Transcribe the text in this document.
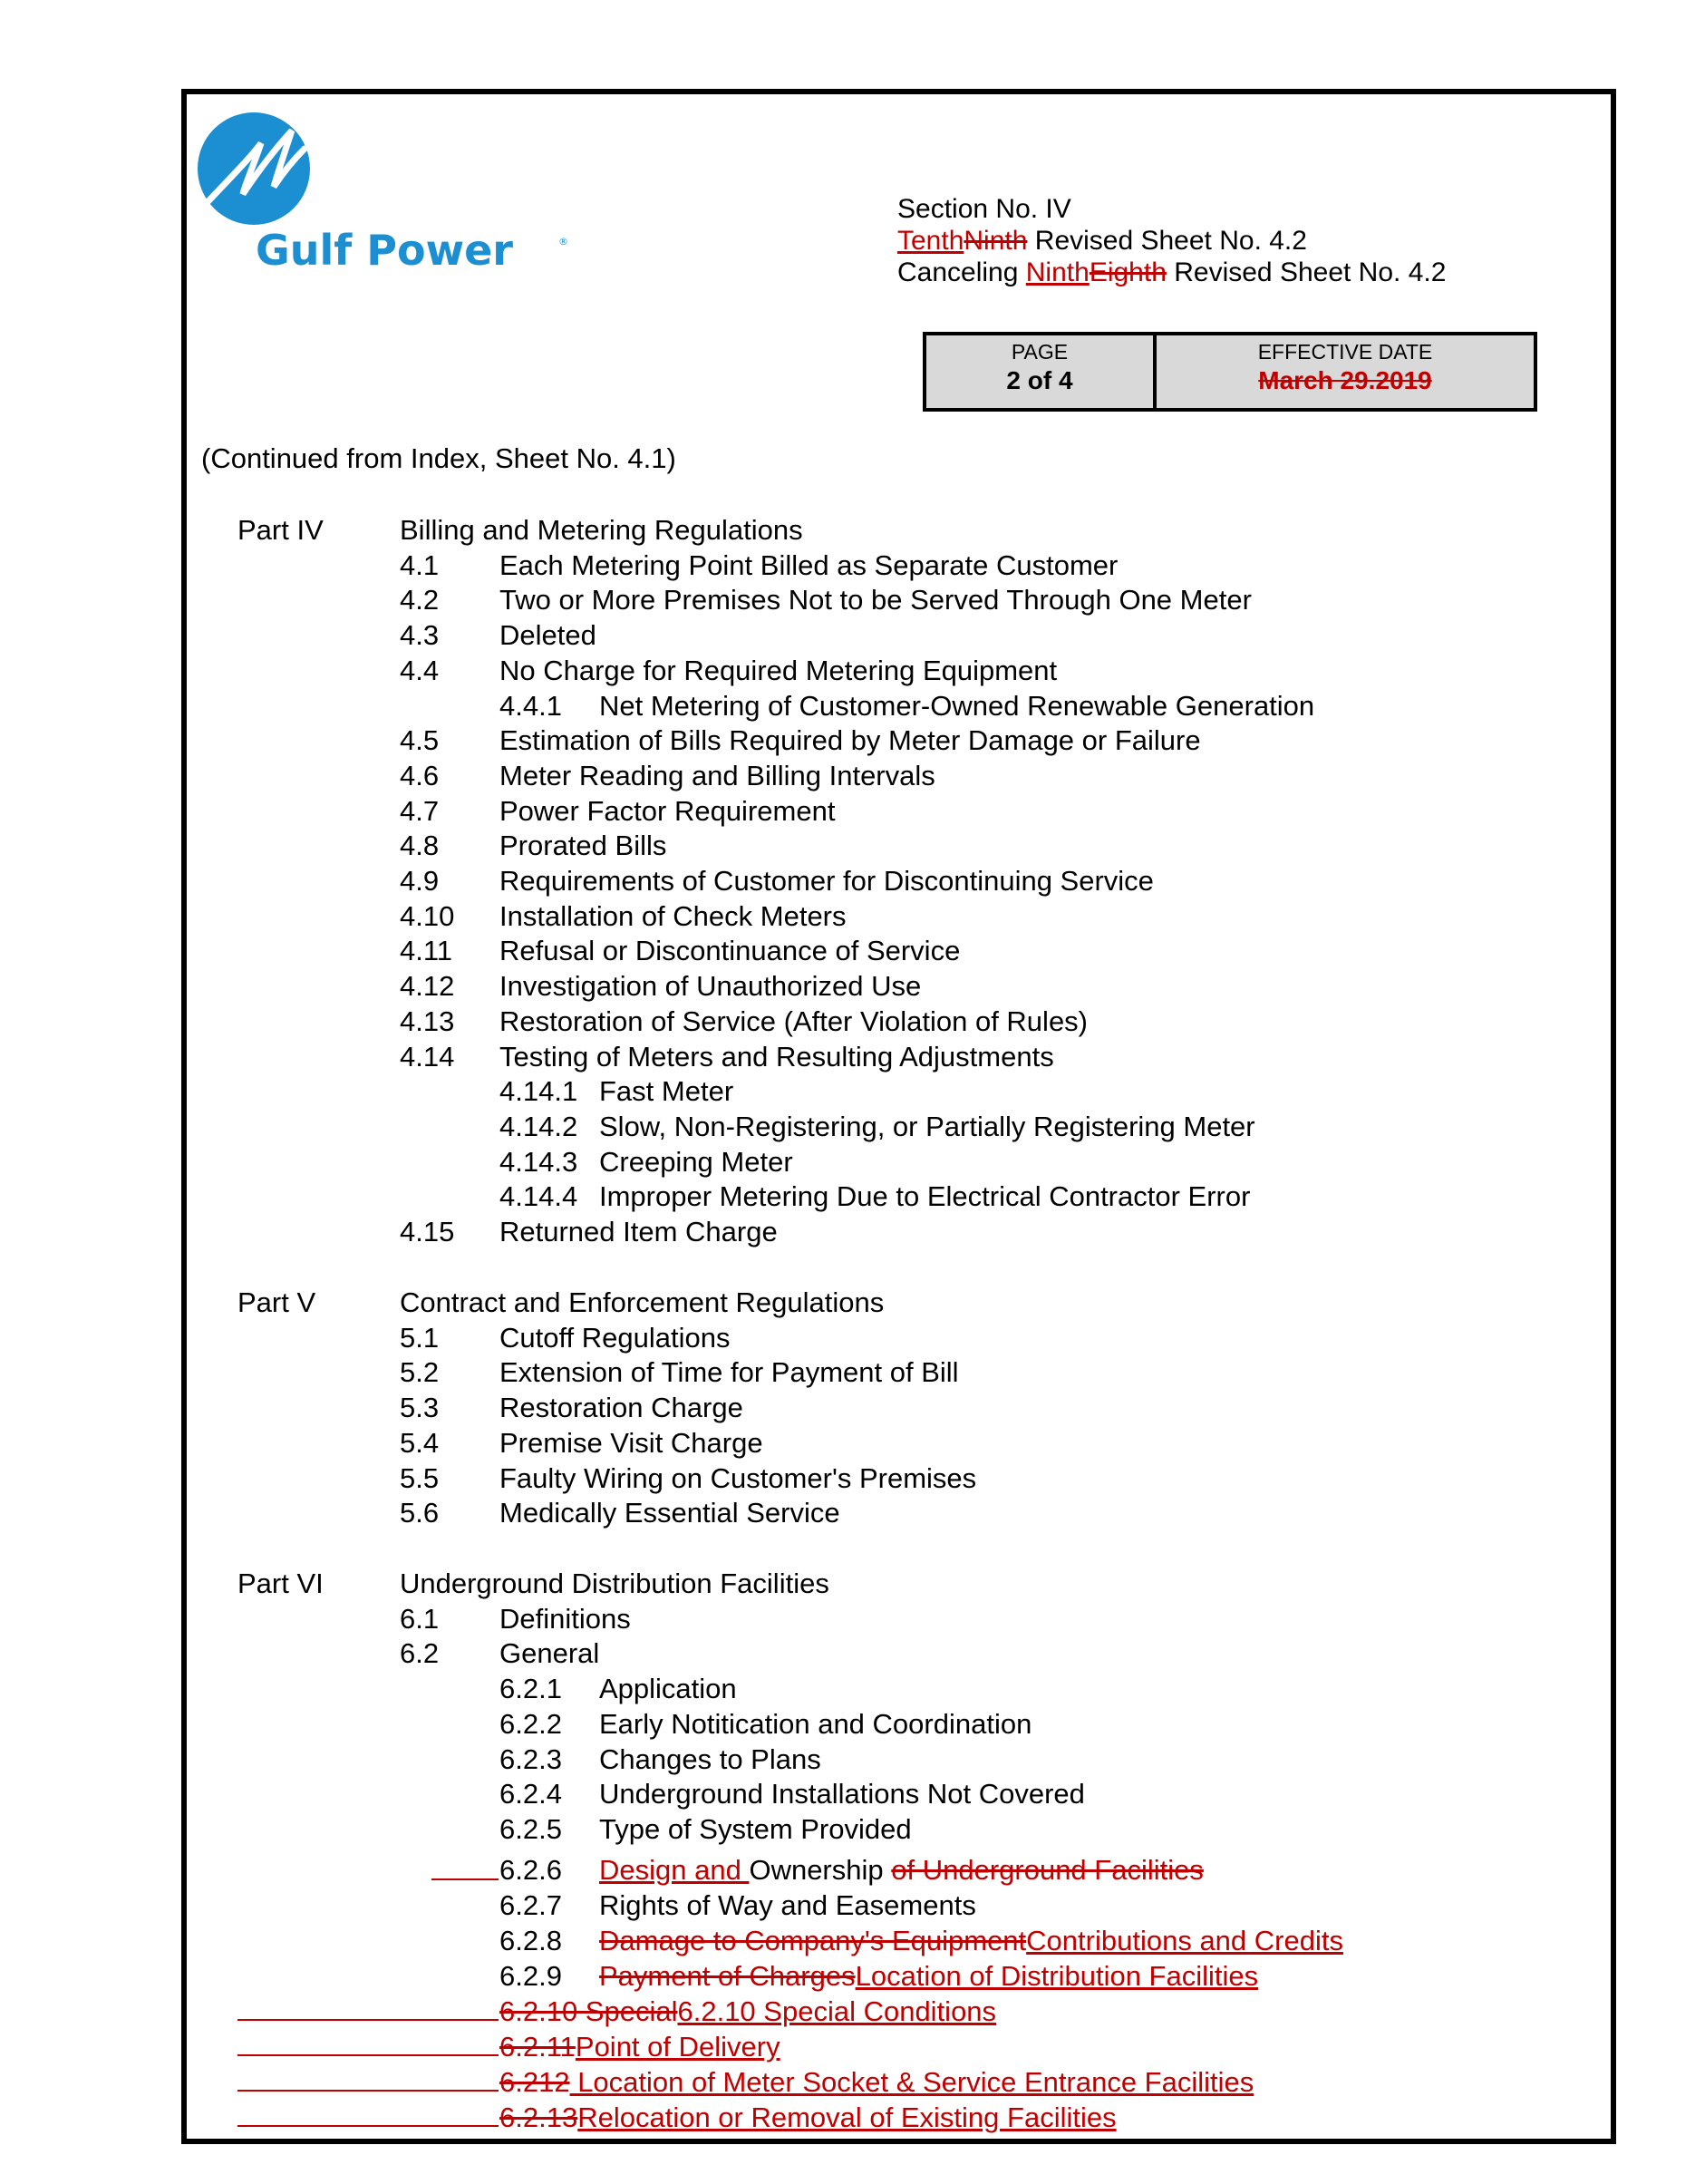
Gulf Power	®
Section No. IV
TenthNinth Revised Sheet No. 4.2
Canceling NinthEighth Revised Sheet No. 4.2
PAGE
2 of 4
EFFECTIVE DATE
March 29.2019
(Continued from Index, Sheet No. 4.1)
Part IV	Billing and Metering Regulations
4.1 Each Metering Point Billed as Separate Customer
4.2 Two or More Premises Not to be Served Through One Meter
4.3 Deleted
4.4 No Charge for Required Metering Equipment
4.4.1 Net Metering of Customer-Owned Renewable Generation
4.5 Estimation of Bills Required by Meter Damage or Failure
4.6 Meter Reading and Billing Intervals
4.7 Power Factor Requirement
4.8 Prorated Bills
4.9 Requirements of Customer for Discontinuing Service
4.10 Installation of Check Meters
4.11 Refusal or Discontinuance of Service
4.12 Investigation of Unauthorized Use
4.13 Restoration of Service (After Violation of Rules)
4.14 Testing of Meters and Resulting Adjustments
4.14.1 Fast Meter
4.14.2 Slow, Non-Registering, or Partially Registering Meter
4.14.3 Creeping Meter
4.14.4 Improper Metering Due to Electrical Contractor Error
4.15 Returned Item Charge
Part V	Contract and Enforcement Regulations
5.1 Cutoff Regulations
5.2 Extension of Time for Payment of Bill
5.3 Restoration Charge
5.4 Premise Visit Charge
5.5 Faulty Wiring on Customer's Premises
5.6 Medically Essential Service
Part VI	Underground Distribution Facilities
6.1 Definitions
6.2 General
6.2.1 Application
6.2.2 Early Notitication and Coordination
6.2.3 Changes to Plans
6.2.4 Underground Installations Not Covered
6.2.5 Type of System Provided
6.2.6 Design and Ownership of Underground Facilities
6.2.7 Rights of Way and Easements
6.2.8 Damage to Company's EquipmentContributions and Credits
6.2.9 Payment of ChargesLocation of Distribution Facilities
6.2.10 Special6.2.10 Special Conditions
6.2.11Point of Delivery
6.212 Location of Meter Socket & Service Entrance Facilities
6.2.13Relocation or Removal of Existing Facilities
